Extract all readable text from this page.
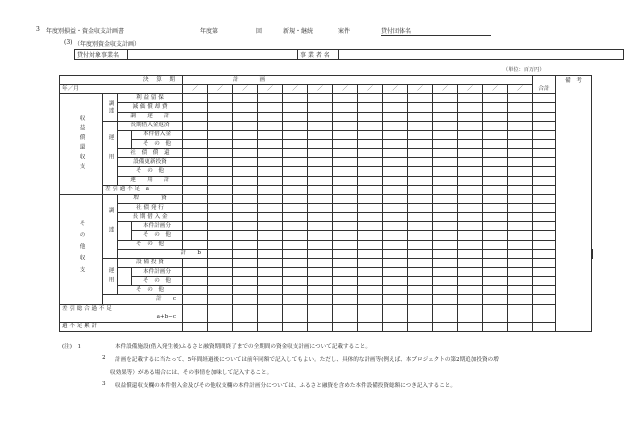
3 年度別損益・資金収支計画書	年度第	回	新規・継続	案件	貸付団体名
(3) （年度別資金収支計画）
貸付対象事業名		事 業 者 名	
（単位：百万円）
決　算　期				計　　　画														合計	備　考	
年／月				／	／	／	／	／	／	／	／	／	／	／	／	／	／			
収益償還収支	調達	利 益 留 保																		
		減 価 償 却 費																		
		調　　達　　計																		
	運用	長期借入金返済																		
			本件借入金																	
			そ　の　他																	
		社　債　償　還																		
		設備更新投資																		
		そ　の　他																		
		運　　用　　計																		
	差 引 過 不 足　a																			
その他収支	調達	増　　　　資																		
		社 債 発 行																		
		長 期 借 入 金																		
			本件計画分																	
			そ　の　他																	
		そ　の　他																		
		計　　b																		
	運用	設 備 投 資																		
			本件計画分																	
			そ　の　他																	
		そ　の　他																		
	計　　c																			

差 引 総 合 過 不 足
a+b−c																				

過 不 足 累 計																				
(注)　1	本件設備施設(借入発生後)ふるさと融資期間終了までの全期間の資金収支計画について記載すること。
2 計画を記載するに当たって、5年間経過後については前年同額で記入してもよい。ただし、具体的な計画等(例えば、本プロジェクトの第2期追加投資の増
収効果等）がある場合には、その事情を加味して記入すること。
3 収益償還収支欄の本件借入金及びその他収支欄の本件計画分については、ふるさと融資を含めた本件設備投資総額につき記入すること。
